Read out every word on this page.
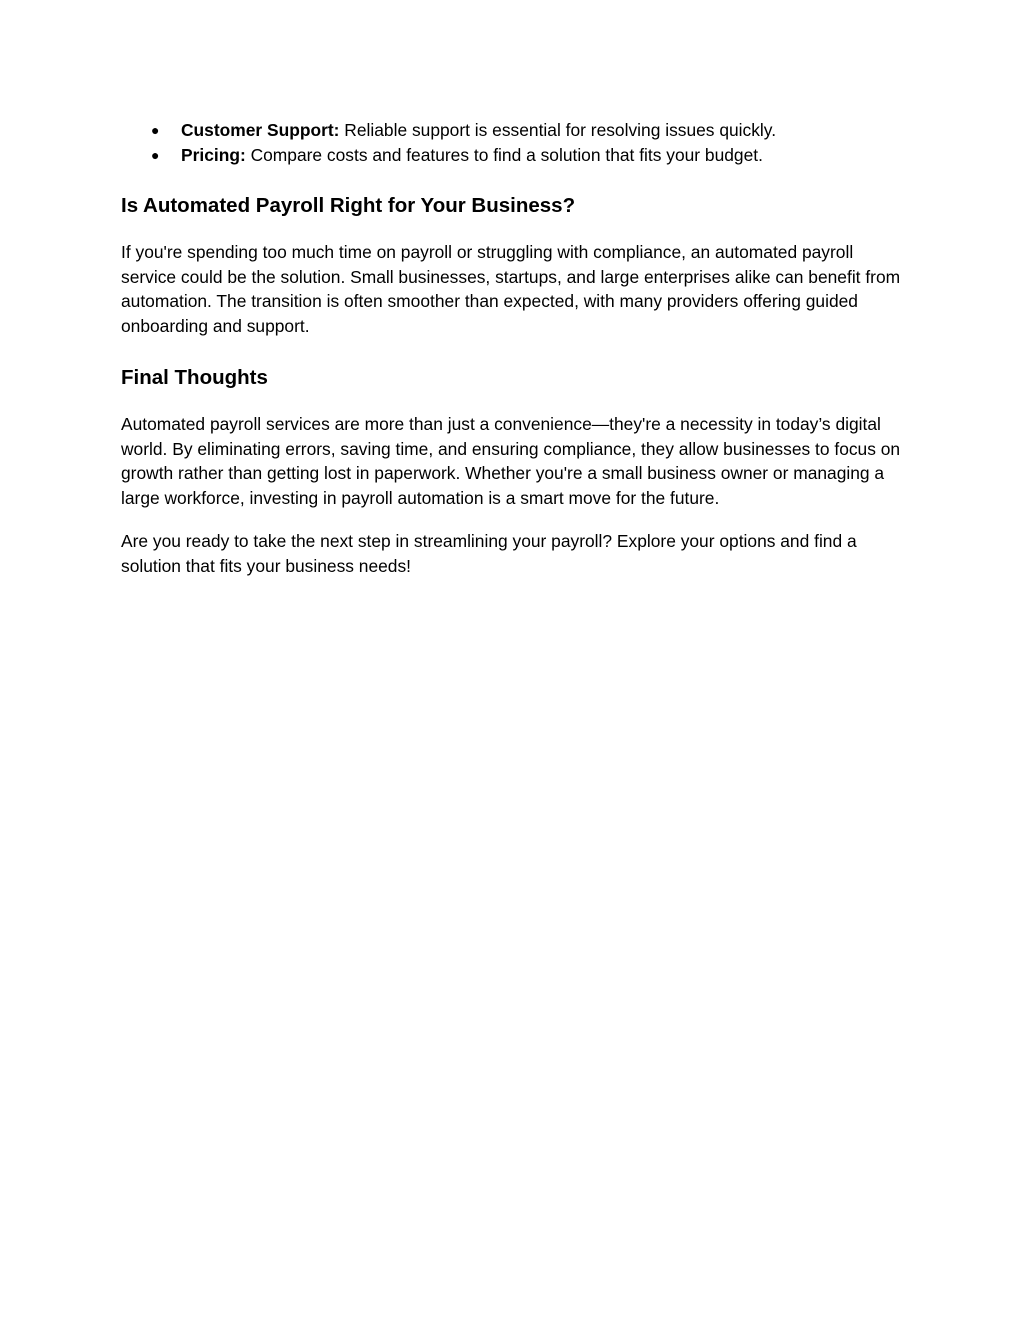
● Customer Support: Reliable support is essential for resolving issues quickly.
● Pricing: Compare costs and features to find a solution that fits your budget.
Is Automated Payroll Right for Your Business?

If you're spending too much time on payroll or struggling with compliance, an automated payroll service could be the solution. Small businesses, startups, and large enterprises alike can benefit from automation. The transition is often smoother than expected, with many providers offering guided onboarding and support.

Final Thoughts

Automated payroll services are more than just a convenience—they're a necessity in today’s digital world. By eliminating errors, saving time, and ensuring compliance, they allow businesses to focus on growth rather than getting lost in paperwork. Whether you're a small business owner or managing a large workforce, investing in payroll automation is a smart move for the future.

Are you ready to take the next step in streamlining your payroll? Explore your options and find a solution that fits your business needs!
